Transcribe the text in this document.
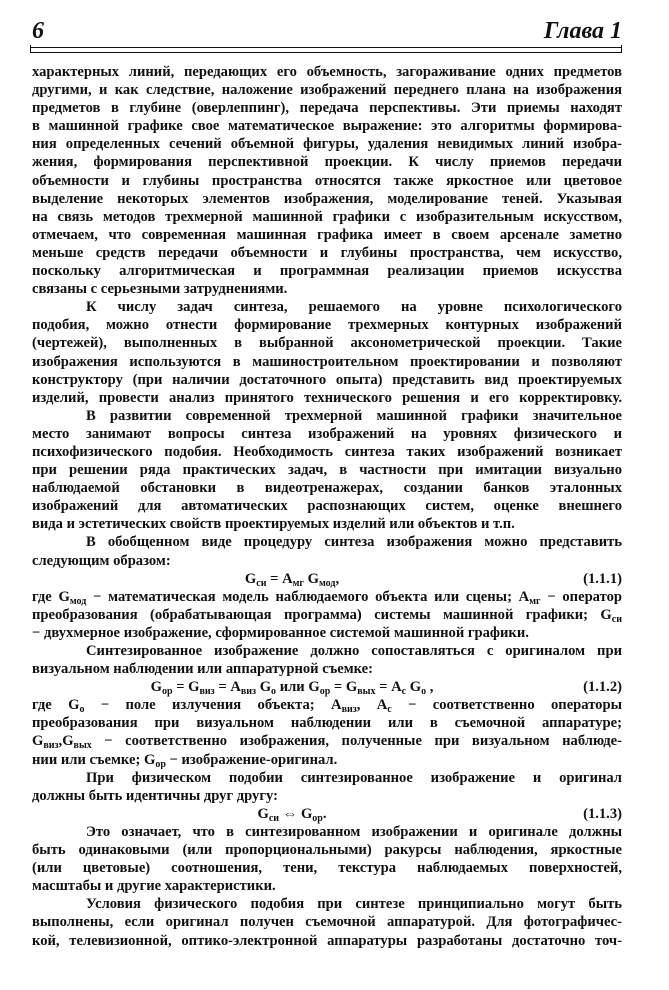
6	Глава 1
характерных линий, передающих его объемность, загораживание одних предметов
другими, и как следствие, наложение изображений переднего плана на изображения
предметов в глубине (оверлеппинг), передача перспективы. Эти приемы находят
в машинной графике свое математическое выражение: это алгоритмы формирова-
ния определенных сечений объемной фигуры, удаления невидимых линий изобра-
жения, формирования перспективной проекции. К числу приемов передачи
объемности и глубины пространства относятся также яркостное или цветовое
выделение некоторых элементов изображения, моделирование теней. Указывая
на связь методов трехмерной машинной графики с изобразительным искусством,
отмечаем, что современная машинная графика имеет в своем арсенале заметно
меньше средств передачи объемности и глубины пространства, чем искусство,
поскольку алгоритмическая и программная реализации приемов искусства
связаны с серьезными затруднениями.
К числу задач синтеза, решаемого на уровне психологического
подобия, можно отнести формирование трехмерных контурных изображений
(чертежей), выполненных в выбранной аксонометрической проекции. Такие
изображения используются в машиностроительном проектировании и позволяют
конструктору (при наличии достаточного опыта) представить вид проектируемых
изделий, провести анализ принятого технического решения и его корректировку.
В развитии современной трехмерной машинной графики значительное
место занимают вопросы синтеза изображений на уровнях физического и
психофизического подобия. Необходимость синтеза таких изображений возникает
при решении ряда практических задач, в частности при имитации визуально
наблюдаемой обстановки в видеотренажерах, создании банков эталонных
изображений для автоматических распознающих систем, оценке внешнего
вида и эстетических свойств проектируемых изделий или объектов и т.п.
В обобщенном виде процедуру синтеза изображения можно представить
следующим образом:
$G_{си} = A_{мг}$ $G_{мод}$,	(1.1.1)
где $G_{мод}$ − математическая модель наблюдаемого объекта или сцены; $A_{мг}$ − оператор
преобразования (обрабатывающая программа) системы машинной графики; $G_{си}$
− двухмерное изображение, сформированное системой машинной графики.
Синтезированное изображение должно сопоставляться с оригиналом при
визуальном наблюдении или аппаратурной съемке:
$G_{ор} = G_{виз} = A_{виз}$ $G_о$ или $G_{ор} = G_{вых} = A_с$ $G_о$ ,	(1.1.2)
где $G_о$ − поле излучения объекта; $A_{виз}$, $A_с$ − соответственно операторы
преобразования при визуальном наблюдении или в съемочной аппаратуре;
$G_{виз},G_{вых}$ − соответственно изображения, полученные при визуальном наблюде-
нии или съемке; $G_{ор}$ − изображение-оригинал.
При физическом подобии синтезированное изображение и оригинал
должны быть идентичны друг другу:
$G_{си}$ ⇔ $G_{ор}$.	(1.1.3)
Это означает, что в синтезированном изображении и оригинале должны
быть одинаковыми (или пропорциональными) ракурсы наблюдения, яркостные
(или цветовые) соотношения, тени, текстура наблюдаемых поверхностей,
масштабы и другие характеристики.
Условия физического подобия при синтезе принципиально могут быть
выполнены, если оригинал получен съемочной аппаратурой. Для фотографичес-
кой, телевизионной, оптико-электронной аппаратуры разработаны достаточно точ-
